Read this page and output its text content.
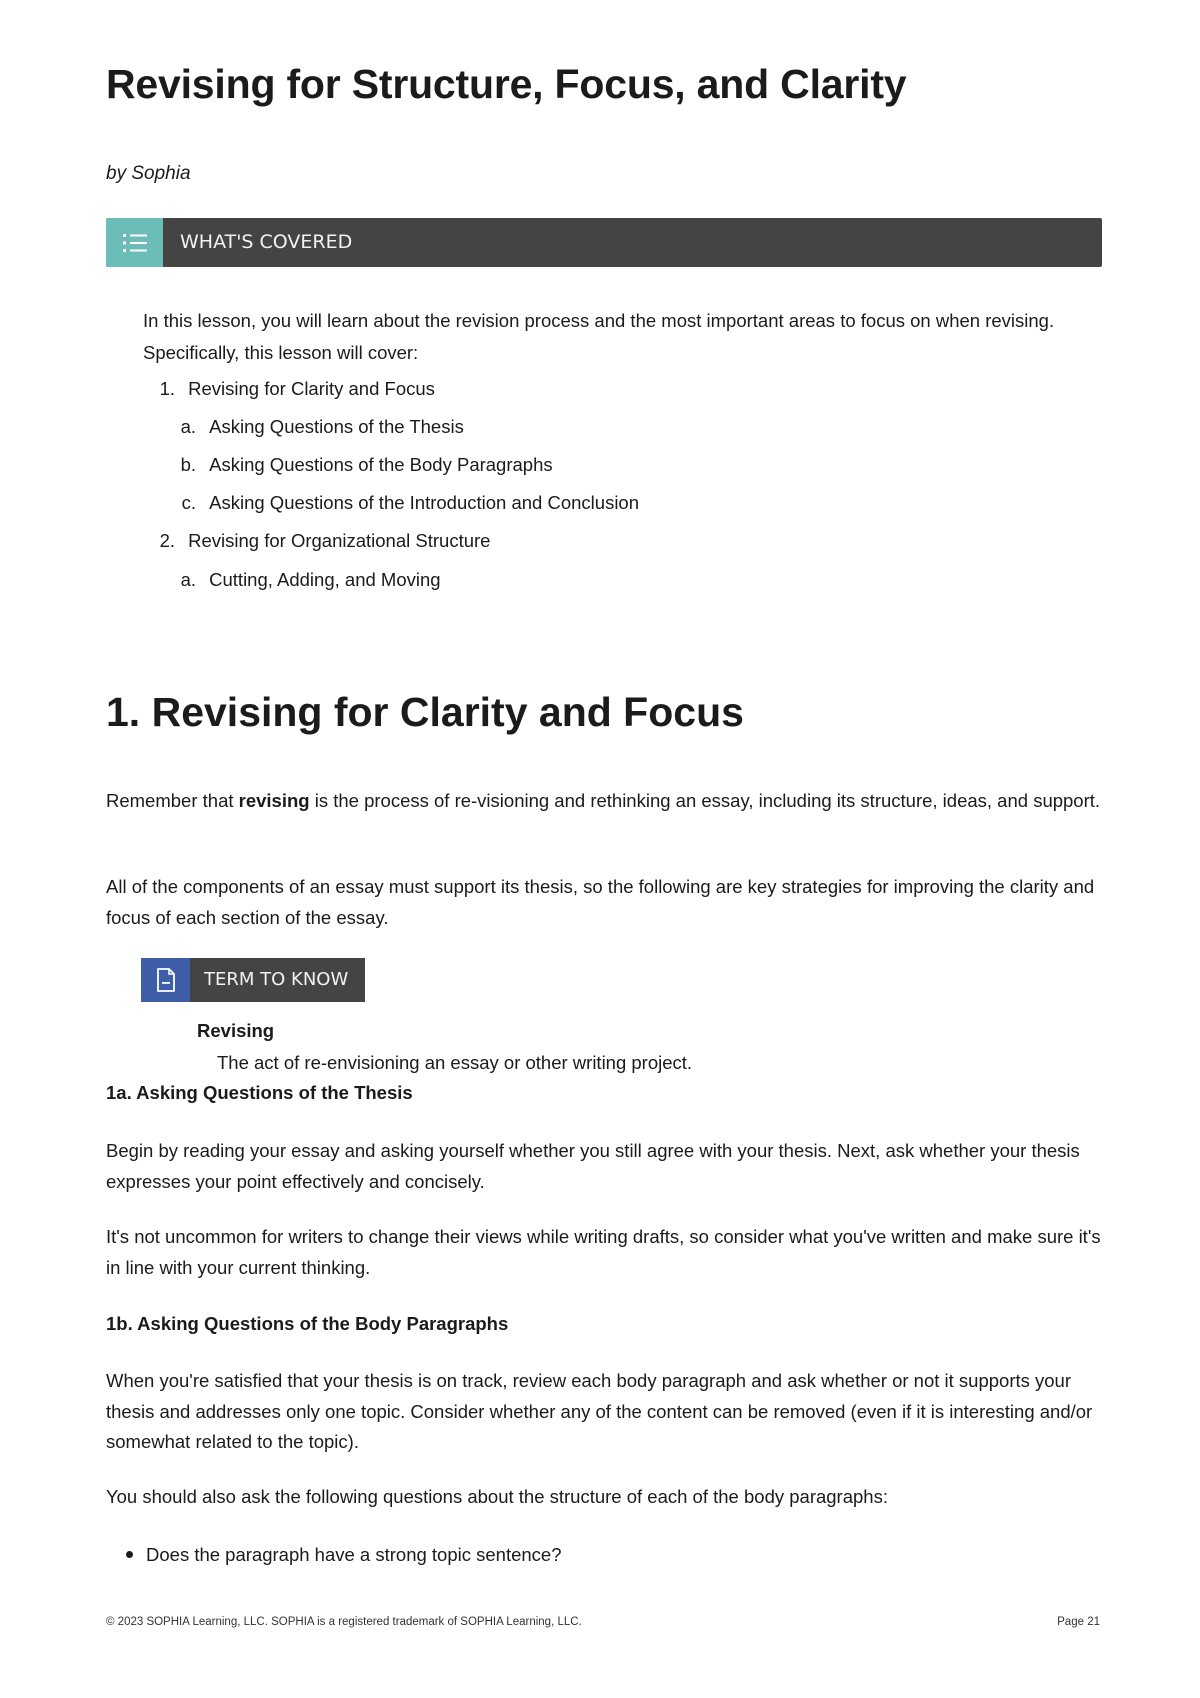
Revising for Structure, Focus, and Clarity
by Sophia
WHAT'S COVERED

In this lesson, you will learn about the revision process and the most important areas to focus on when revising. Specifically, this lesson will cover:

1. Revising for Clarity and Focus
a. Asking Questions of the Thesis
b. Asking Questions of the Body Paragraphs
c. Asking Questions of the Introduction and Conclusion
2. Revising for Organizational Structure
a. Cutting, Adding, and Moving
1. Revising for Clarity and Focus

Remember that revising is the process of re-visioning and rethinking an essay, including its structure, ideas, and support.

All of the components of an essay must support its thesis, so the following are key strategies for improving the clarity and focus of each section of the essay.

TERM TO KNOW
Revising
The act of re-envisioning an essay or other writing project.
1a. Asking Questions of the Thesis

Begin by reading your essay and asking yourself whether you still agree with your thesis. Next, ask whether your thesis expresses your point effectively and concisely.

It's not uncommon for writers to change their views while writing drafts, so consider what you've written and make sure it's in line with your current thinking.

1b. Asking Questions of the Body Paragraphs

When you're satisfied that your thesis is on track, review each body paragraph and ask whether or not it supports your thesis and addresses only one topic. Consider whether any of the content can be removed (even if it is interesting and/or somewhat related to the topic).

You should also ask the following questions about the structure of each of the body paragraphs:

Does the paragraph have a strong topic sentence?
© 2023 SOPHIA Learning, LLC. SOPHIA is a registered trademark of SOPHIA Learning, LLC.	Page 21
